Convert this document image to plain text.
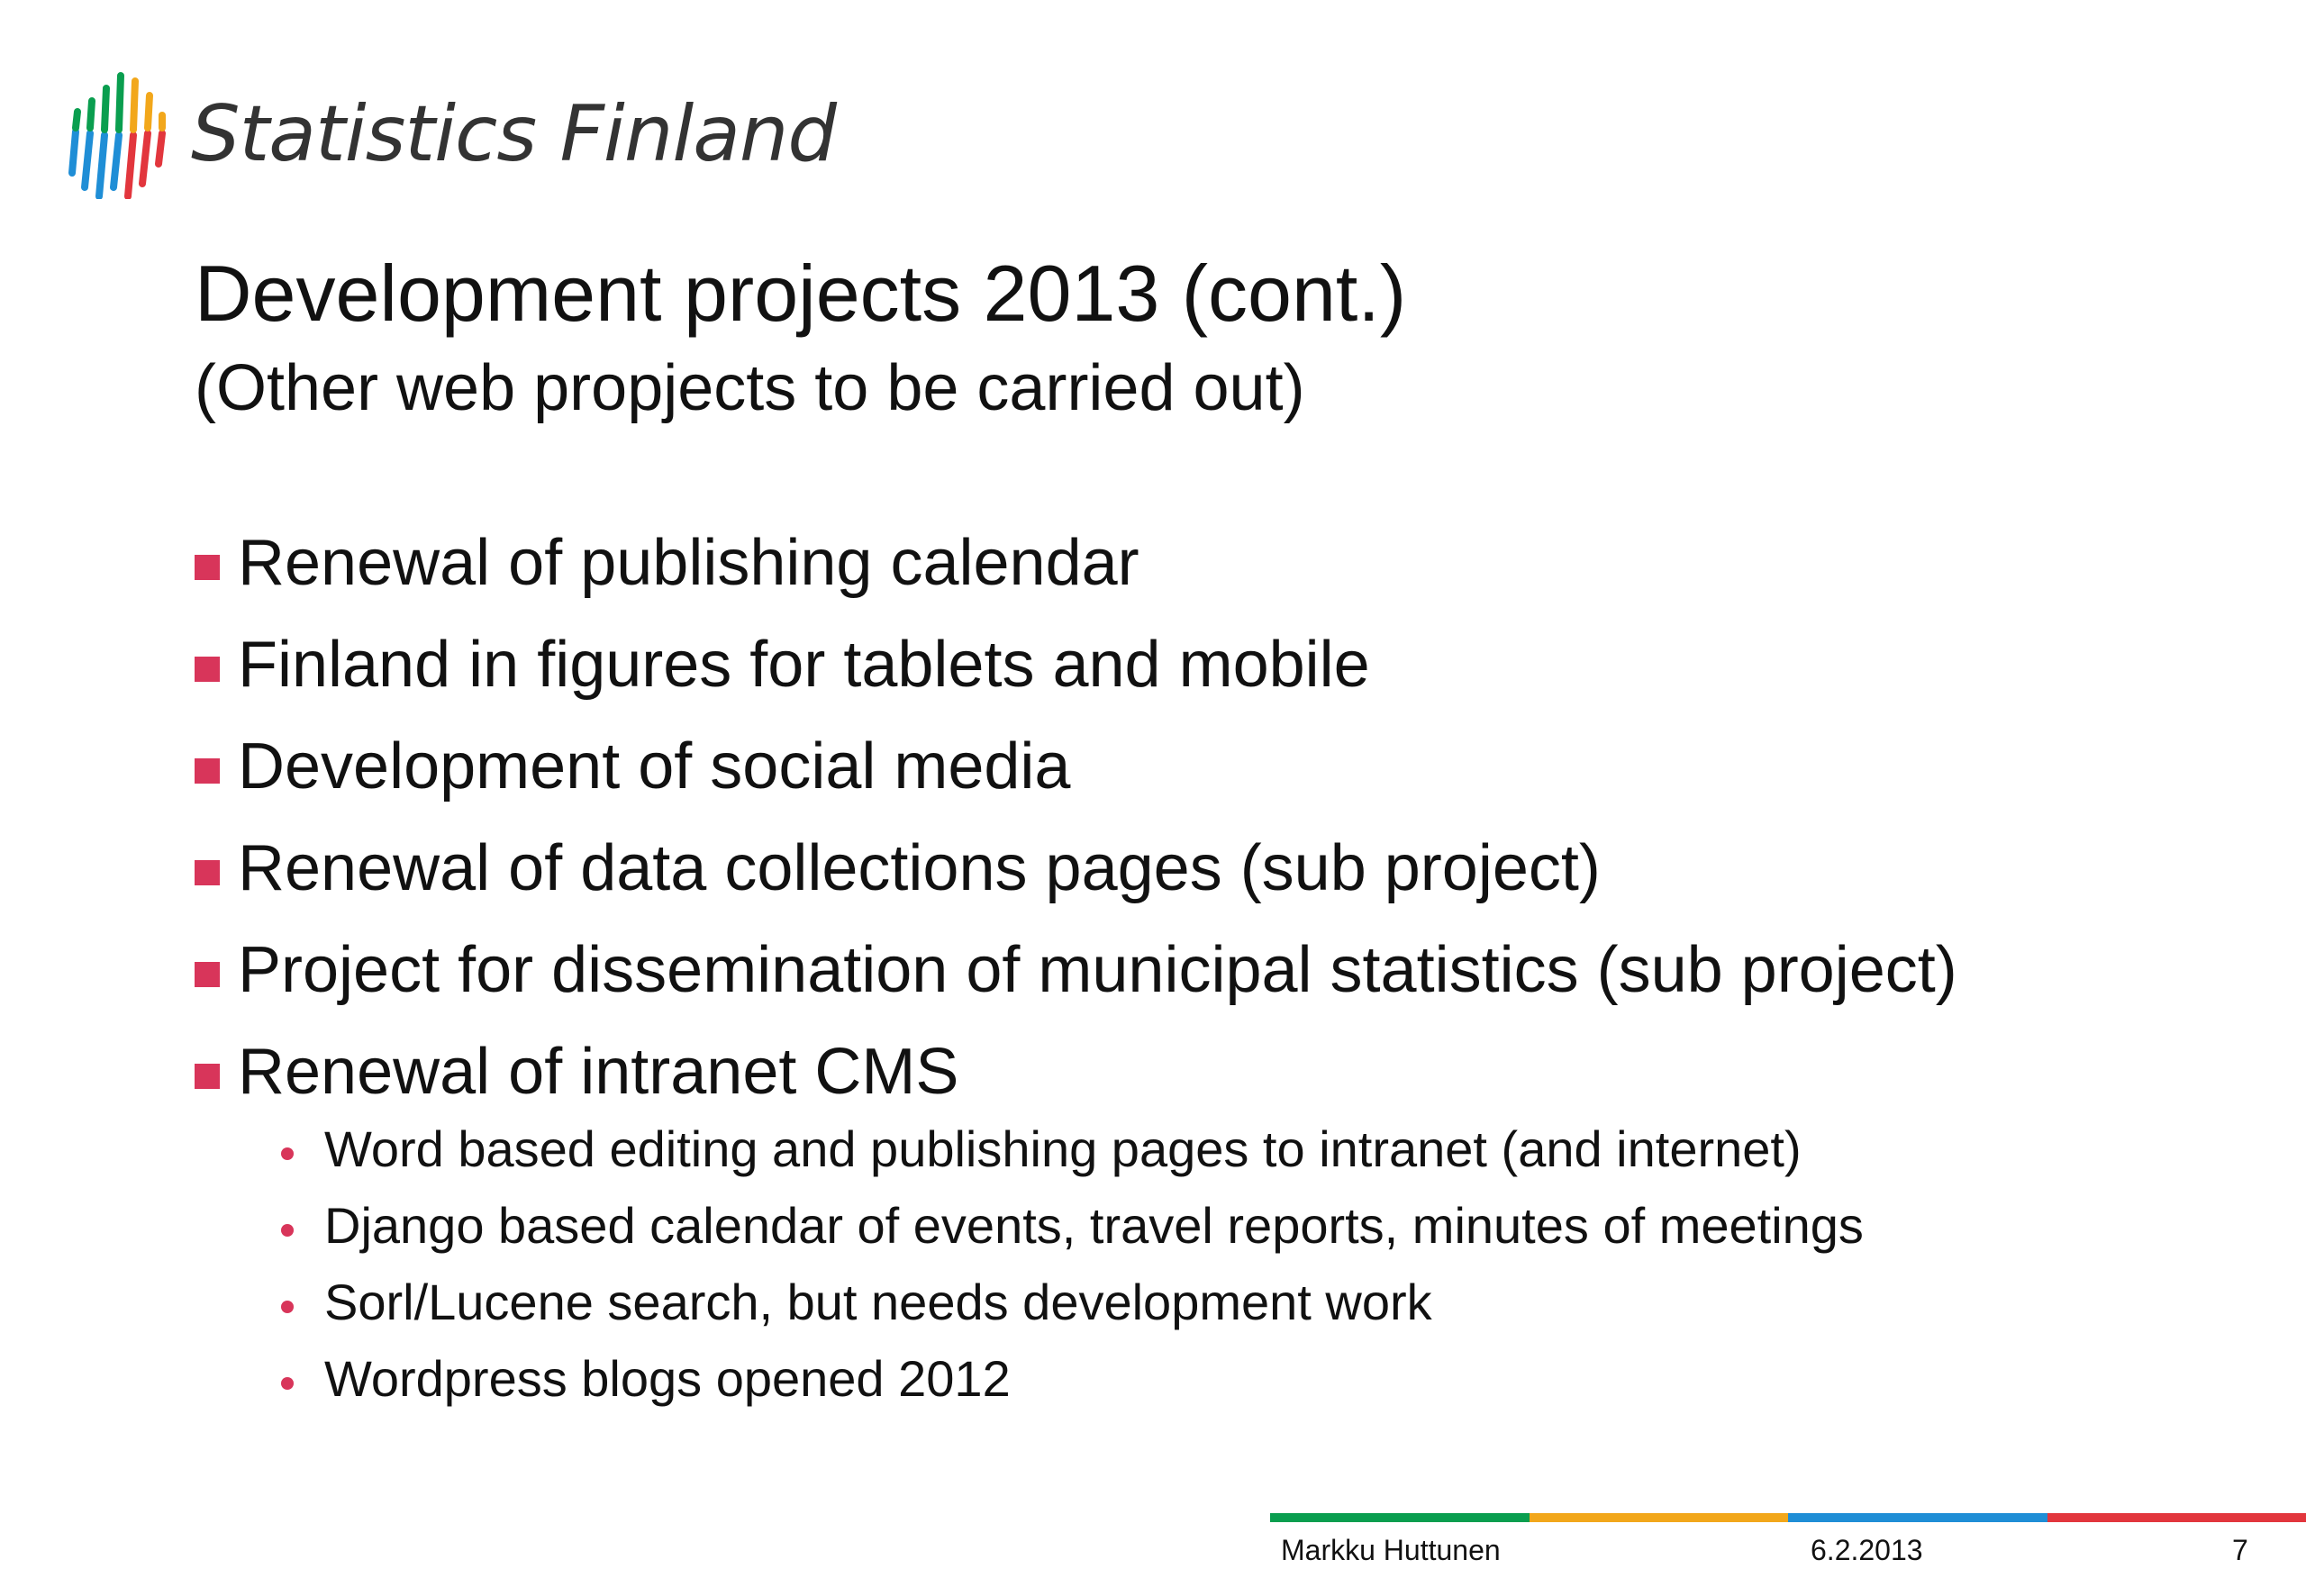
Statistics Finland
Development projects 2013 (cont.)
(Other web propjects to be carried out)
Renewal of publishing calendar
Finland in figures for tablets and mobile
Development of social media
Renewal of data collections pages (sub project)
Project for dissemination of municipal statistics (sub project)
Renewal of intranet CMS
Word based editing and publishing pages to intranet (and internet)
Django based calendar of events, travel reports, minutes of meetings
Sorl/Lucene search, but needs development work
Wordpress blogs opened 2012
Markku Huttunen	6.2.2013	7
